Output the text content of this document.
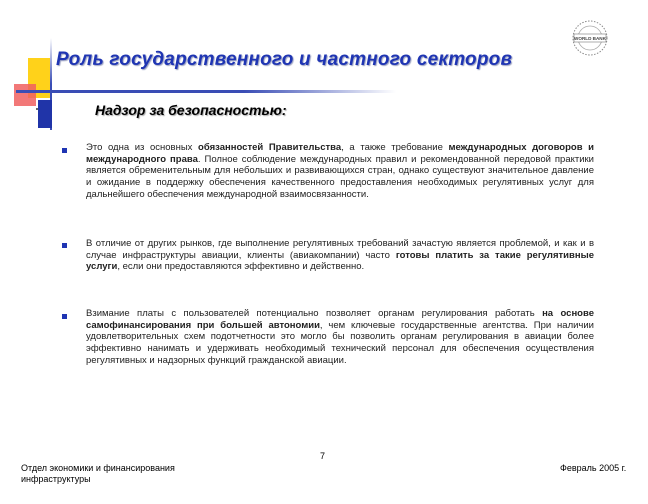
Роль государственного и частного секторов
WORLD BANK
Надзор за безопасностью:
Это одна из основных обязанностей Правительства, а также требование международных договоров и международного права. Полное соблюдение международных правил и рекомендованной передовой практики является обременительным для небольших и развивающихся стран, однако существуют значительное давление и ожидание в поддержку обеспечения качественного предоставления необходимых регулятивных услуг для дальнейшего обеспечения международной взаимосвязанности.
В отличие от других рынков, где выполнение регулятивных требований зачастую является проблемой, и как и в случае инфраструктуры авиации, клиенты (авиакомпании) часто готовы платить за такие регулятивные услуги, если они предоставляются эффективно и действенно.
Взимание платы с пользователей потенциально позволяет органам регулирования работать на основе самофинансирования при большей автономии, чем ключевые государственные агентства. При наличии удовлетворительных схем подотчетности это могло бы позволить органам регулирования в авиации более эффективно нанимать и удерживать необходимый технический персонал для обеспечения осуществления регулятивных и надзорных функций гражданской авиации.
Отдел экономики и финансирования инфраструктуры
7
Февраль 2005 г.
